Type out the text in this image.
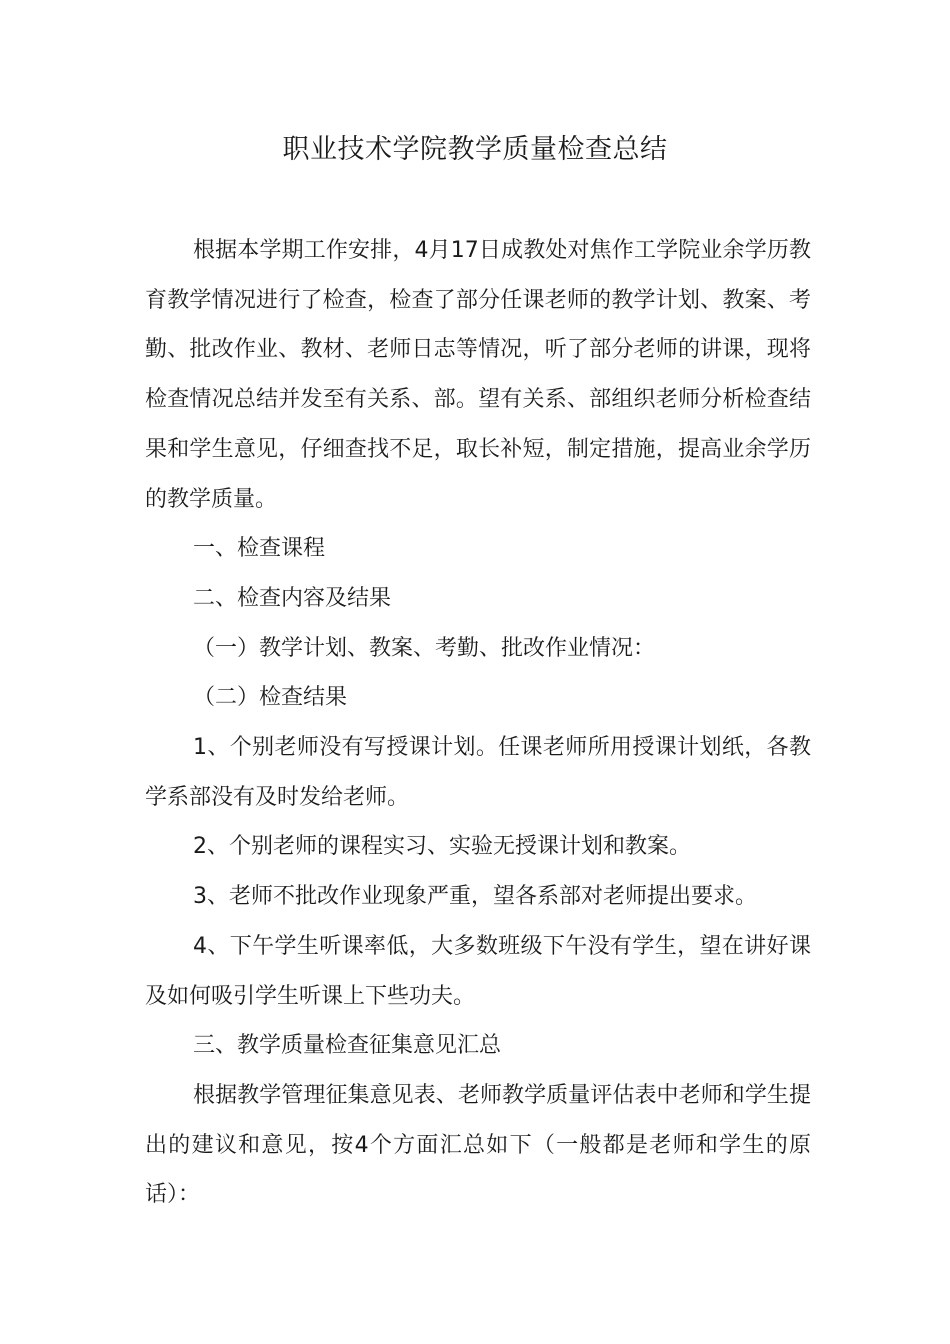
职业技术学院教学质量检查总结

根据本学期工作安排，4月17日成教处对焦作工学院业余学历教育教学情况进行了检查，检查了部分任课老师的教学计划、教案、考勤、批改作业、教材、老师日志等情况，听了部分老师的讲课，现将检查情况总结并发至有关系、部。望有关系、部组织老师分析检查结果和学生意见，仔细查找不足，取长补短，制定措施，提高业余学历的教学质量。

一、检查课程

二、检查内容及结果

（一）教学计划、教案、考勤、批改作业情况：

（二）检查结果

1、个别老师没有写授课计划。任课老师所用授课计划纸，各教学系部没有及时发给老师。

2、个别老师的课程实习、实验无授课计划和教案。

3、老师不批改作业现象严重，望各系部对老师提出要求。

4、下午学生听课率低，大多数班级下午没有学生，望在讲好课及如何吸引学生听课上下些功夫。

三、教学质量检查征集意见汇总

根据教学管理征集意见表、老师教学质量评估表中老师和学生提出的建议和意见，按4个方面汇总如下（一般都是老师和学生的原话）：
